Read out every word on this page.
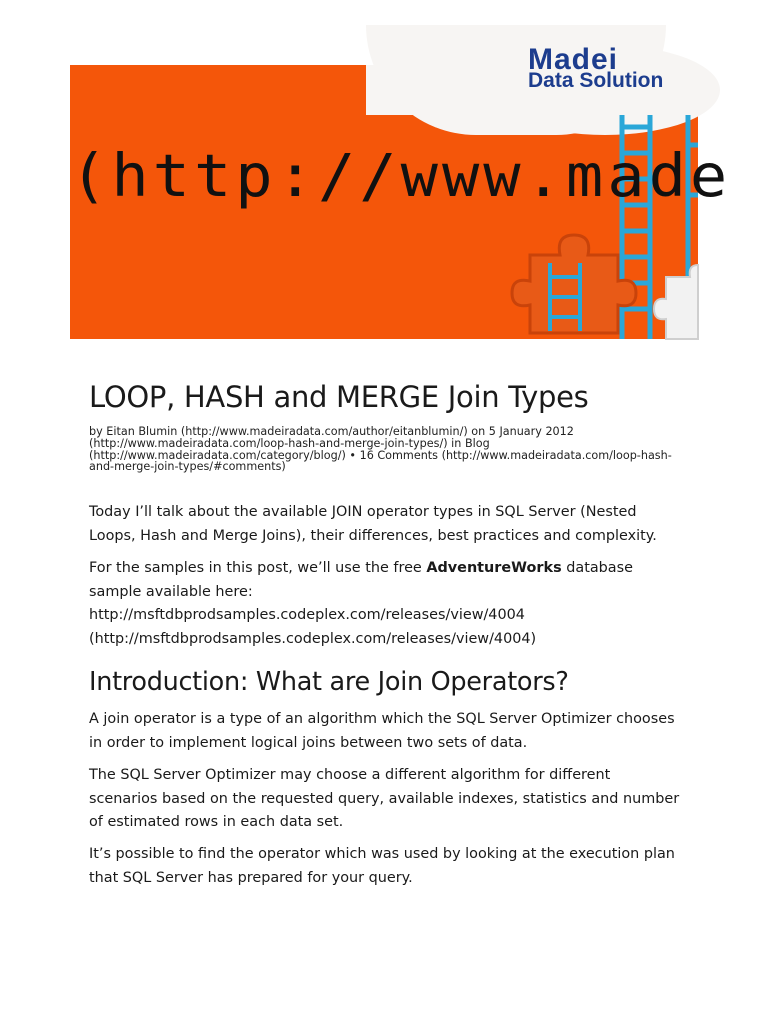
Madei
Data Solution
(http://www.made
LOOP, HASH and MERGE Join Types

by Eitan Blumin (http://www.madeiradata.com/author/eitanblumin/) on 5 January 2012 (http://www.madeiradata.com/loop-hash-and-merge-join-types/) in Blog (http://www.madeiradata.com/category/blog/) • 16 Comments (http://www.madeiradata.com/loop-hash-and-merge-join-types/#comments)

Today I’ll talk about the available JOIN operator types in SQL Server (Nested Loops, Hash and Merge Joins), their differences, best practices and complexity.

For the samples in this post, we’ll use the free AdventureWorks database sample available here:
http://msftdbprodsamples.codeplex.com/releases/view/4004
(http://msftdbprodsamples.codeplex.com/releases/view/4004)

Introduction: What are Join Operators?

A join operator is a type of an algorithm which the SQL Server Optimizer chooses in order to implement logical joins between two sets of data.

The SQL Server Optimizer may choose a different algorithm for different scenarios based on the requested query, available indexes, statistics and number of estimated rows in each data set.

It’s possible to find the operator which was used by looking at the execution plan that SQL Server has prepared for your query.
